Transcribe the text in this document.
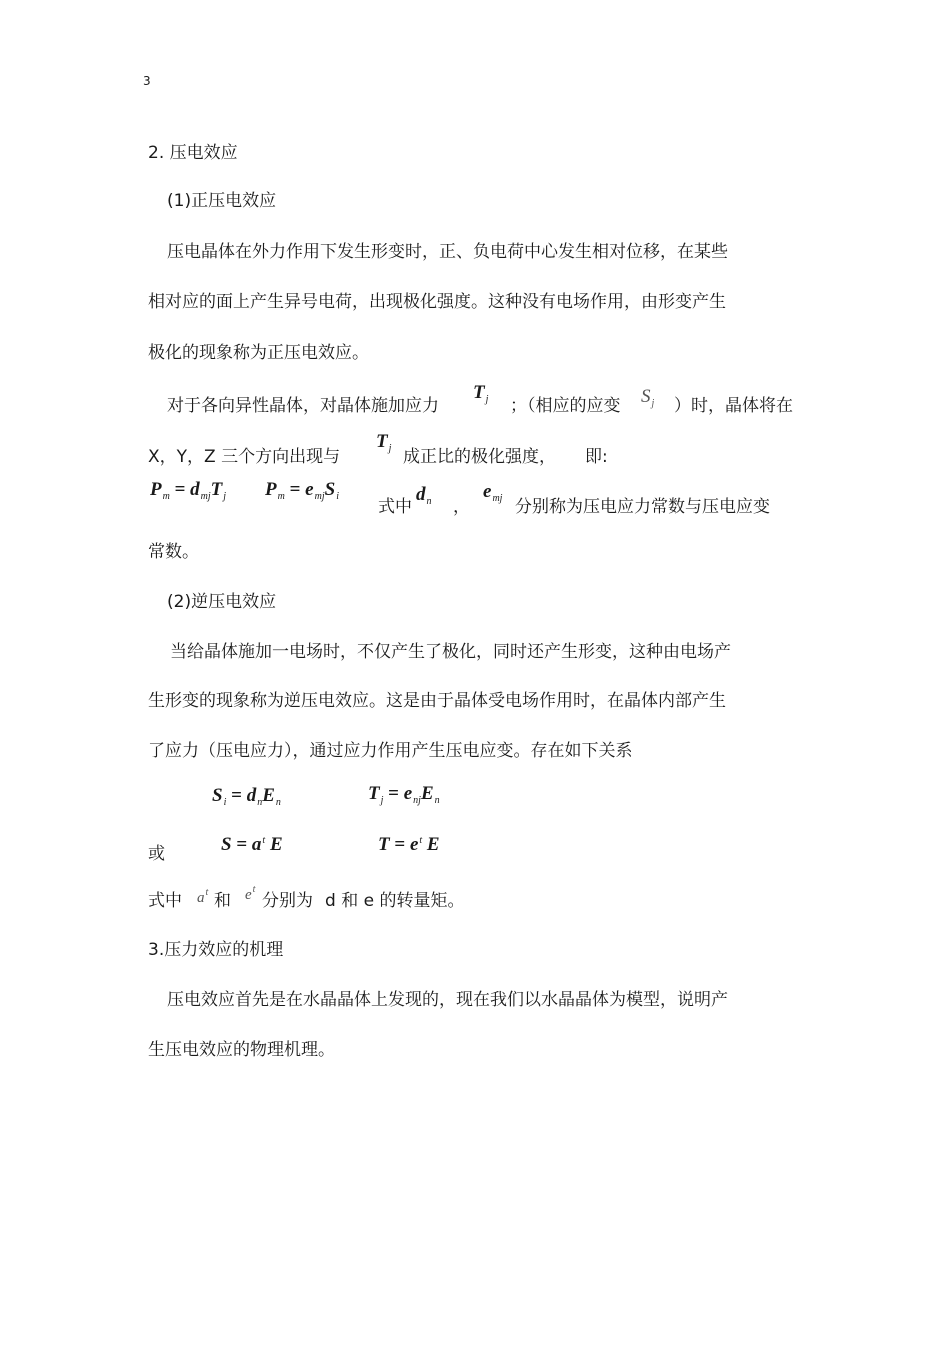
3
2. 压电效应
(1)正压电效应
压电晶体在外力作用下发生形变时，正、负电荷中心发生相对位移，在某些
相对应的面上产生异号电荷，出现极化强度。这种没有电场作用，由形变产生
极化的现象称为正压电效应。
对于各向异性晶体，对晶体施加应力
$T_j$ ；（相应的应变 $S_j$ ）时，晶体将在
X，Y，Z 三个方向出现与
$T_j$ 成正比的极化强度， 即:
$P_m = d_{mj}T_j$ $P_m = e_{mj}S_i$
式中
$d_n$ ，
$e_{mj}$ 分别称为压电应力常数与压电应变
常数。
(2)逆压电效应
当给晶体施加一电场时，不仅产生了极化，同时还产生形变，这种由电场产
生形变的现象称为逆压电效应。这是由于晶体受电场作用时，在晶体内部产生
了应力（压电应力），通过应力作用产生压电应变。存在如下关系
$S_i = d_nE_n$	$T_j = e_{nj}E_n$
或	$S = a^t$ E	$T = e^t$ E
式中 $a^t$ 和 $e^t$
分别为 d 和 e 的转量矩。
3.压力效应的机理
压电效应首先是在水晶晶体上发现的，现在我们以水晶晶体为模型，说明产
生压电效应的物理机理。
